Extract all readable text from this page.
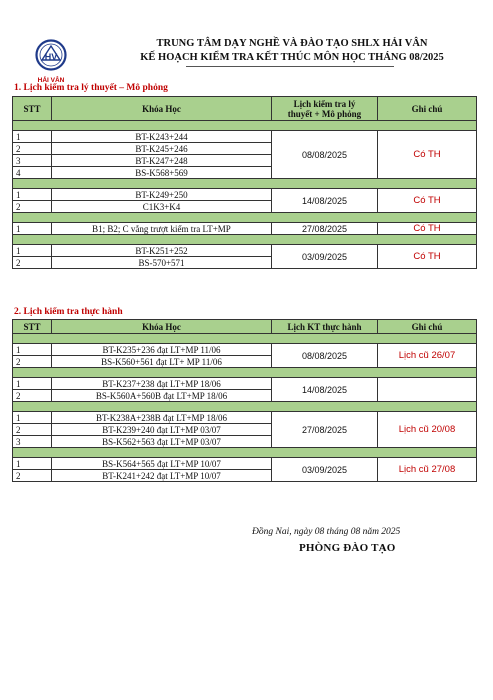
HV
HẢI VÂN
TRUNG TÂM DẠY NGHỀ VÀ ĐÀO TẠO SHLX HẢI VÂN
KẾ HOẠCH KIỂM TRA KẾT THÚC MÔN HỌC THÁNG 08/2025
1. Lịch kiểm tra lý thuyết – Mô phỏng
STT	Khóa Học	Lịch kiểm tra lý
thuyết + Mô phỏng	Ghi chú

1	BT-K243+244	08/08/2025	Có TH
2	BT-K245+246		
3	BT-K247+248		
4	BS-K568+569		

1	BT-K249+250	14/08/2025	Có TH
2	C1K3+K4		

1	B1; B2; C vắng trượt kiểm tra LT+MP	27/08/2025	Có TH

1	BT-K251+252	03/09/2025	Có TH
2	BS-570+571		
2. Lịch kiểm tra thực hành
STT	Khóa Học	Lịch KT thực hành	Ghi chú

1	BT-K235+236 đạt LT+MP 11/06	08/08/2025	Lịch cũ 26/07
2	BS-K560+561 đạt LT+ MP 11/06		

1	BT-K237+238 đạt LT+MP 18/06	14/08/2025	
2	BS-K560A+560B đạt LT+MP 18/06		

1	BT-K238A+238B đạt LT+MP 18/06	27/08/2025	Lịch cũ 20/08
2	BT-K239+240 đạt LT+MP 03/07		
3	BS-K562+563 đạt LT+MP 03/07		

1	BS-K564+565 đạt LT+MP 10/07	03/09/2025	Lịch cũ 27/08
2	BT-K241+242 đạt LT+MP 10/07		
Đồng Nai, ngày 08 tháng 08 năm 2025
PHÒNG ĐÀO TẠO
